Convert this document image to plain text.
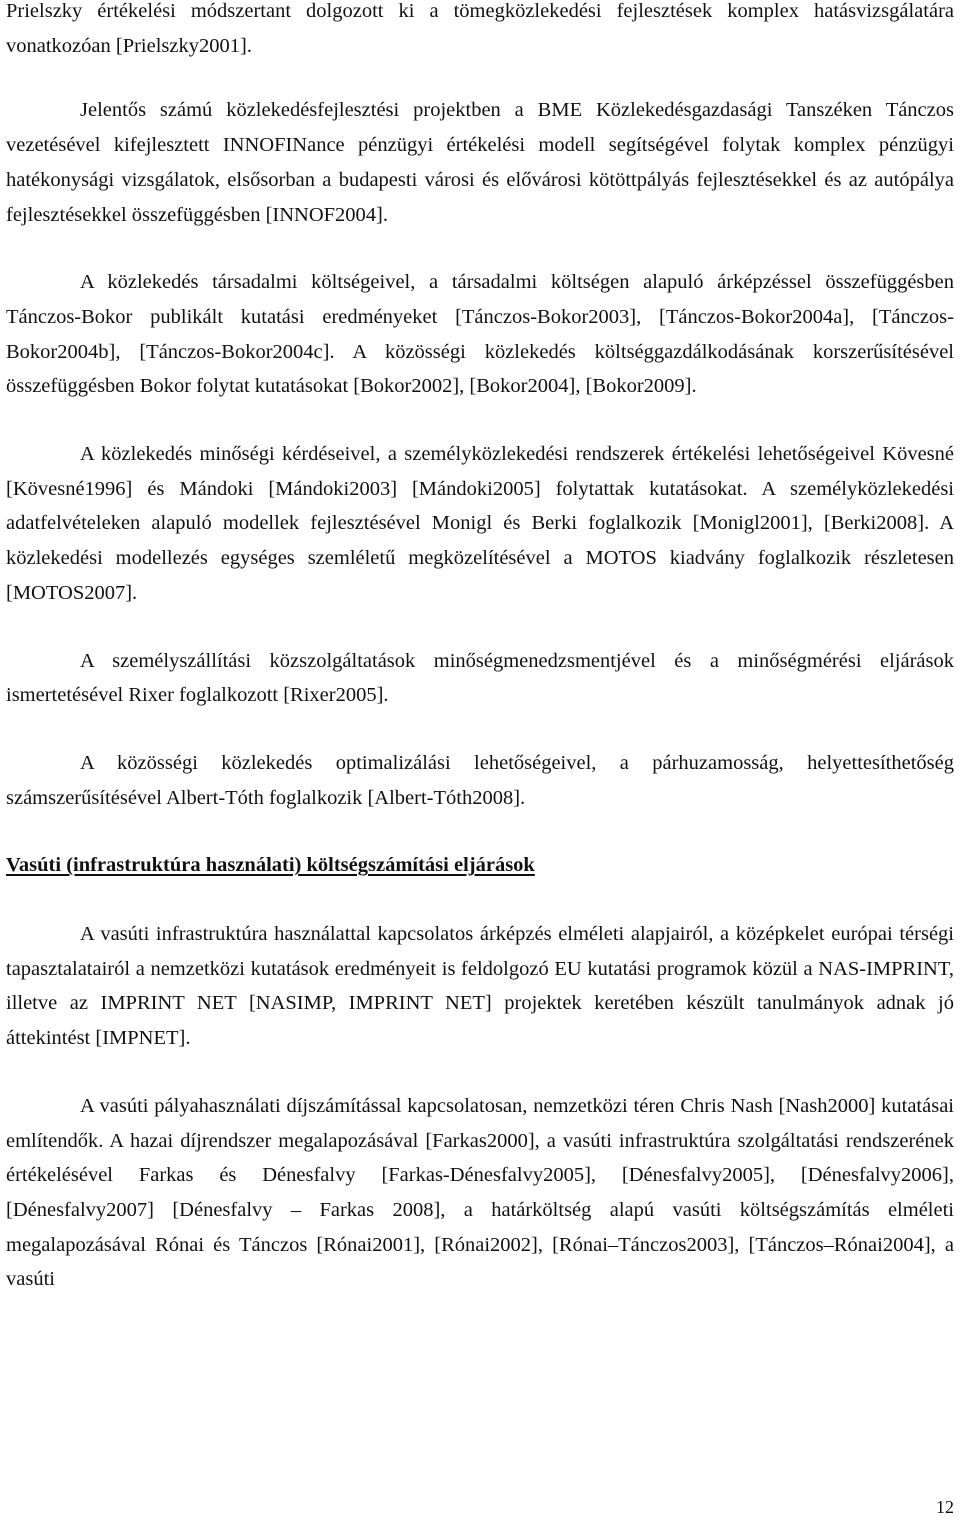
Prielszky értékelési módszertant dolgozott ki a tömegközlekedési fejlesztések komplex hatásvizsgálatára vonatkozóan [Prielszky2001].

Jelentős számú közlekedésfejlesztési projektben a BME Közlekedésgazdasági Tanszéken Tánczos vezetésével kifejlesztett INNOFINance pénzügyi értékelési modell segítségével folytak komplex pénzügyi hatékonysági vizsgálatok, elsősorban a budapesti városi és elővárosi kötöttpályás fejlesztésekkel és az autópálya fejlesztésekkel összefüggésben [INNOF2004].

A közlekedés társadalmi költségeivel, a társadalmi költségen alapuló árképzéssel összefüggésben Tánczos-Bokor publikált kutatási eredményeket [Tánczos-Bokor2003], [Tánczos-Bokor2004a], [Tánczos-Bokor2004b], [Tánczos-Bokor2004c]. A közösségi közlekedés költséggazdálkodásának korszerűsítésével összefüggésben Bokor folytat kutatásokat [Bokor2002], [Bokor2004], [Bokor2009].

A közlekedés minőségi kérdéseivel, a személyközlekedési rendszerek értékelési lehetőségeivel Kövesné [Kövesné1996] és Mándoki [Mándoki2003] [Mándoki2005] folytattak kutatásokat. A személyközlekedési adatfelvételeken alapuló modellek fejlesztésével Monigl és Berki foglalkozik [Monigl2001], [Berki2008]. A közlekedési modellezés egységes szemléletű megközelítésével a MOTOS kiadvány foglalkozik részletesen [MOTOS2007].

A személyszállítási közszolgáltatások minőségmenedzsmentjével és a minőségmérési eljárások ismertetésével Rixer foglalkozott [Rixer2005].

A közösségi közlekedés optimalizálási lehetőségeivel, a párhuzamosság, helyettesíthetőség számszerűsítésével Albert-Tóth foglalkozik [Albert-Tóth2008].

Vasúti (infrastruktúra használati) költségszámítási eljárások

A vasúti infrastruktúra használattal kapcsolatos árképzés elméleti alapjairól, a középkelet európai térségi tapasztalatairól a nemzetközi kutatások eredményeit is feldolgozó EU kutatási programok közül a NAS-IMPRINT, illetve az IMPRINT NET [NASIMP, IMPRINT NET] projektek keretében készült tanulmányok adnak jó áttekintést [IMPNET].

A vasúti pályahasználati díjszámítással kapcsolatosan, nemzetközi téren Chris Nash [Nash2000] kutatásai említendők. A hazai díjrendszer megalapozásával [Farkas2000], a vasúti infrastruktúra szolgáltatási rendszerének értékelésével Farkas és Dénesfalvy [Farkas-Dénesfalvy2005], [Dénesfalvy2005], [Dénesfalvy2006], [Dénesfalvy2007] [Dénesfalvy – Farkas 2008], a határköltség alapú vasúti költségszámítás elméleti megalapozásával Rónai és Tánczos [Rónai2001], [Rónai2002], [Rónai–Tánczos2003], [Tánczos–Rónai2004], a vasúti

12
